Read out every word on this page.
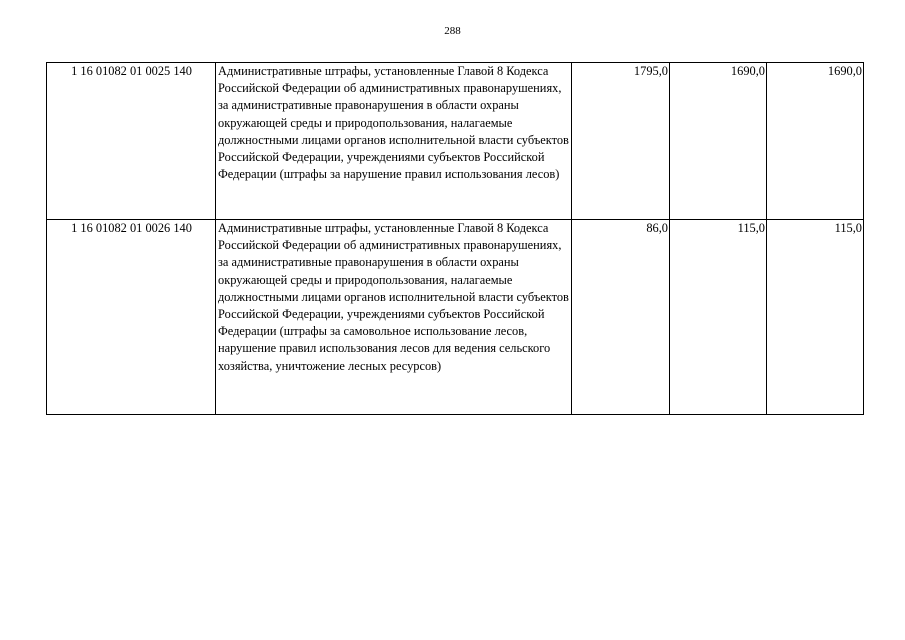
288
1 16 01082 01 0025 140	Административные штрафы, установленные Главой 8 Кодекса Российской Федерации об административных правонарушениях, за административные правонарушения в области охраны окружающей среды и природопользования, налагаемые должностными лицами органов исполнительной власти субъектов Российской Федерации, учреждениями субъектов Российской Федерации (штрафы за нарушение правил использования лесов)	1795,0	1690,0	1690,0
1 16 01082 01 0026 140	Административные штрафы, установленные Главой 8 Кодекса Российской Федерации об административных правонарушениях, за административные правонарушения в области охраны окружающей среды и природопользования, налагаемые должностными лицами органов исполнительной власти субъектов Российской Федерации, учреждениями субъектов Российской Федерации (штрафы за самовольное использование лесов, нарушение правил использования лесов для ведения сельского хозяйства, уничтожение лесных ресурсов)	86,0	115,0	115,0
